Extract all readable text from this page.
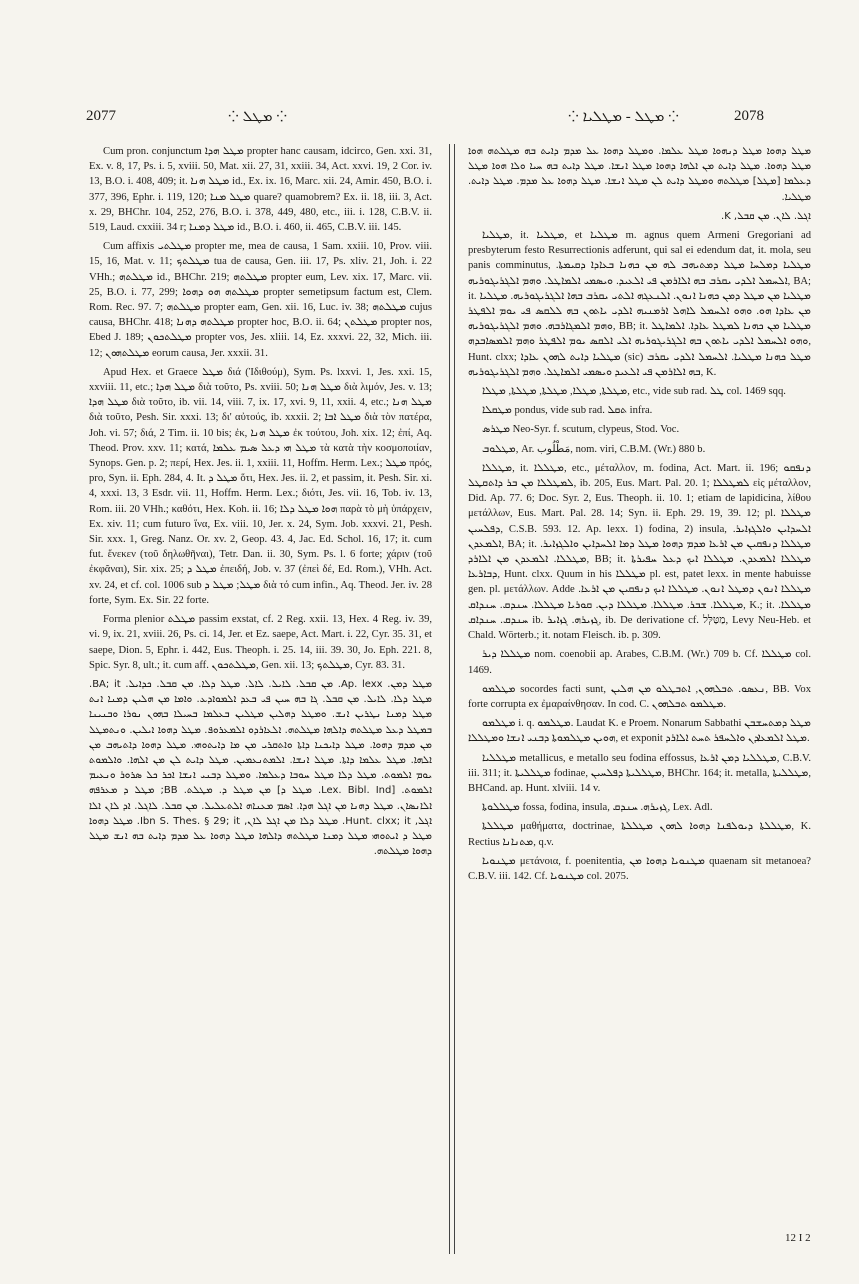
2077	⁘ ܡܛܠ ⁘	⁘ ܡܛܠ - ܡܛܠܝܐ ⁘	2078

Cum pron. conjunctum ܡܛܠ ܗܕܐ propter hanc causam, idcirco, Gen. xxi. 31, Ex. v. 8, 17, Ps. i. 5, xviii. 50, Mat. xii. 27, 31, xxiii. 34, Act. xxvi. 19, 2 Cor. iv. 13, B.O. i. 408, 409; it. ܡܛܠ ܗܢܐ id., Ex. ix. 16, Marc. xii. 24, Amir. 450, B.O. i. 377, 396, Ephr. i. 119, 120; ܡܛܠ ܡܢܐ quare? quamobrem? Ex. ii. 18, iii. 3, Act. x. 29, BHChr. 104, 252, 276, B.O. i. 378, 449, 480, etc., iii. i. 128, C.B.V. ii. 519, Laud. cxxiii. 34 r; ܡܛܠ ܕܡܢܐ id., B.O. i. 460, ii. 465, C.B.V. iii. 145.

Cum affixis ܡܛܠܬܝ propter me, mea de causa, 1 Sam. xxiii. 10, Prov. viii. 15, 16, Mat. v. 11; ܡܛܠܬܟ tua de causa, Gen. iii. 17, Ps. xliv. 21, Joh. i. 22 VHh.; ܡܛܠܬܗ id., BHChr. 219; ܡܛܠܬܗ propter eum, Lev. xix. 17, Marc. vii. 25, B.O. i. 77, 299; ܡܛܠܬܗ ܗܘ ܕܗܘܐ propter semetipsum factum est, Clem. Rom. Rec. 97. 7; ܡܛܠܬܗ propter eam, Gen. xii. 16, Luc. iv. 38; ܡܛܠܬܗ cujus causa, BHChr. 418; ܡܛܠܬܗ ܕܗܢܐ propter hoc, B.O. ii. 64; ܡܛܠܬܢ propter nos, Ebed J. 189; ܡܛܠܬܟܘܢ propter vos, Jes. xliii. 14, Ez. xxxvi. 22, 32, Mich. iii. 12; ܡܛܠܬܗܘܢ eorum causa, Jer. xxxii. 31.

Apud Hex. et Graece ܡܛܠ διά (Ἰδιθούμ), Sym. Ps. lxxvi. 1, Jes. xxi. 15, xxviii. 11, etc.; ܡܛܠ ܗܕܐ διὰ τοῦτο, Ps. xviii. 50; ܡܛܠ ܗܢܐ διὰ λιμόν, Jes. v. 13; ܡܛܠ ܗܕܐ διὰ τοῦτο, ib. vii. 14, viii. 7, ix. 17, xvi. 9, 11, xxii. 4, etc.; ܡܛܠ ܗܢܐ διὰ τοῦτο, Pesh. Sir. xxxi. 13; δι' αὐτούς, ib. xxxii. 2; ܡܛܠ ܐܒܐ διὰ τὸν πατέρα, Joh. vi. 57; διά, 2 Tim. ii. 10 bis; ἐκ, ܡܛܠ ܗܢܐ ἐκ τούτου, Joh. xix. 12; ἐπί, Aq. Theod. Prov. xxv. 11; κατά, ܡܛܠ ܗܝ ܕܥܠ ܣܝܡ ܥܠܡܐ τὰ κατὰ τὴν κοσμοποιίαν, Synops. Gen. p. 2; περί, Hex. Jes. ii. 1, xxiii. 11, Hoffm. Herm. Lex.; ܡܛܠ πρός, pro, Syn. ii. Eph. 284, 4. It. ܡܛܠ ܕ ὅτι, Hex. Jes. ii. 2, et passim, it. Pesh. Sir. xi. 4, xxxi. 13, 3 Esdr. vii. 11, Hoffm. Herm. Lex.; διότι, Jes. vii. 16, Tob. iv. 13, Rom. iii. 20 VHh.; καθότι, Hex. Koh. ii. 16; ܗܘܐ ܡܛܠ ܕܠܐ παρὰ τὸ μὴ ὑπάρχειν, Ex. xiv. 11; cum futuro ἵνα, Ex. viii. 10, Jer. x. 24, Sym. Job. xxxvi. 21, Pesh. Sir. xxx. 1, Greg. Nanz. Or. xv. 2, Geop. 43. 4, Jac. Ed. Schol. 16, 17; it. cum fut. ἕνεκεν (τοῦ δηλωθῆναι), Tetr. Dan. ii. 30, Sym. Ps. l. 6 forte; χάριν (τοῦ ἐκφᾶναι), Sir. xix. 25; ܡܛܠ ܕ ἐπειδή, Job. v. 37 (ἐπεὶ δέ, Ed. Rom.), VHh. Act. xv. 24, et cf. col. 1006 sub ܡܛܠ; ܡܛܠ ܕ διὰ τό cum infin., Aq. Theod. Jer. iv. 28 forte, Sym. Ex. Sir. 22 forte.

Forma plenior ܡܛܠܬ passim exstat, cf. 2 Reg. xxii. 13, Hex. 4 Reg. iv. 39, vi. 9, ix. 21, xviii. 26, Ps. ci. 14, Jer. et Ez. saepe, Act. Mart. i. 22, Cyr. 35. 31, et saepe, Dion. 5, Ephr. i. 442, Eus. Theoph. i. 25. 14, iii. 39. 30, Jo. Eph. 221. 8, Spic. Syr. 8, ult.; it. cum aff. ܡܛܠܬܟܘܢ, Gen. xii. 13; ܡܛܠܬܟ, Cyr. 83. 31.

ܡܛܠ ܕܡܢ. Ap. lexx. ܡܢ ܩܒܠ. ܠܐܝܠ. ܠܐܠ. ܡܛܠ ܕܠܐ. ܡܢ ܩܒܠ. ܟܕܐܝܠ. BA; it. ܡܛܠ ܕܠܐ. ܠܐܝܠ. ܡܢ ܩܒܠ. ܓܐ ܒܗ ܚܝܢ ܦܝ ܒܥܕ ܐܠܡܘܐܕܥ. ܘܐܡܐ ܡܢ ܗܠܝܢ ܕܡܢܐ ܐܢܬ ܡܛܠ ܕܡܢܐ ܢܛܪܝܢ ܐܢܫ. ܘܡܛܠ ܕܗܠܝܢ ܡܛܠܝܢ ܒܥܠܡܐ ܒܚܝܠܐ ܒܗܘܢ ܢܘܪܐ ܘܒܢܝܢܐ ܒܡܛܠ ܕܥܠ ܡܛܠܬܗ ܕܐܠܗܐ ܡܛܠܬܗ. ܐܠܥܐܪܕܘ ܐܠܡܥܪܘܦ. ܡܛܠ ܕܗܘܐ ܐܝܠܝܢ. ܘܢܬܡܛܠ ܡܢ ܡܕܡ ܕܗܘܐ. ܡܛܠ ܕܐܝܟܢܐ ܕܐܬܐ ܘܐܬܩܪܝ ܡܢ ܡܐ ܕܐܝܬܘܗܝ. ܡܛܠ ܕܗܘܐ ܕܐܬܝܗܒ ܡܢ ܐܠܗܐ. ܡܛܠ ܥܠܡܐ ܕܐܬܐ. ܡܛܠ ܐܢܫܐ. ܐܠܡܬܢܥܡܝܢ. ܡܛܠ ܕܐܝܬ ܠܢ ܡܢ ܐܠܗܐ. ܘܐܠܡܘܬ ܝܘܡ ܐܠܡܘܬ. ܡܛܠ ܕܠܐ ܡܛܠ ܚܘܒܐ ܕܥܠܡܐ. ܘܡܛܠ ܕܒܢܝ ܐܢܫܐ ܐܟܪ ܟܠ ܣܪܘܪ ܘܢܥܝܡ ܐܠܡܘܬ. [Lex. Bibl. Ind. ܡܛܠ ܕ] ܡܢ ܡܛܠ ܕ. ܡܛܠܬ. BB; ܡܛܠ ܕ ܡܥܪܦܗ ܐܠܐܢܣܐܢ. ܡܛܠ ܕܗܢܐ ܡܢ ܐܓܠ ܗܕܐ. ܐܣܡ ܡܥܢܐܗ ܐܠܬܥܠܝܠ. ܡܢ ܩܒܠ. ܠܐܓܠ. ܐܕ ܠܐܢ ܐܠܐ ܐܓܠ, Hunt. clxx; it. ܡܛܠ ܕܠܐ ܡܢ ܐܓܠ ܠܐܢ, Ibn S. Thes. § 29; it. ܡܛܠ ܕܗܘܐ ܡܛܠ ܕ ܐܝܬܘܗܝ ܡܛܠ ܕܡܢܐ ܡܛܠܬܗ ܕܐܠܗܐ ܡܛܠ ܕܗܘܐ ܥܠ ܡܕܡ ܕܐܝܬ ܒܗ ܐܢܫ ܡܛܠ ܕܗܘܐ ܡܛܠܬܗ.

ܡܛܠ ܕܗܘܐ ܡܛܠ ܕܢܗܘܐ ܡܛܠ ܥܠܡܐ. ܘܡܛܠ ܕܗܘܐ ܥܠ ܡܕܡ ܕܐܝܬ ܒܗ ܡܛܠܬܗ ܗܘܐ ܡܛܠ ܕܗܘܐ. ܡܛܠ ܕܐܝܬ ܡܢ ܐܠܗܐ ܕܗܘܐ ܡܛܠ ܐܢܫܐ. ܡܛܠ ܕܐܝܬ ܒܗ ܚܝܐ ܘܠܐ ܗܘܐ ܡܛܠ ܕܥܠܡܐ [ܡܛܠ] ܡܛܠܬܗ ܘܡܛܠ ܕܐܝܬ ܠܢ ܡܛܠ ܐܢܫܐ. ܡܛܠ ܕܗܘܐ ܥܠ ܡܕܡ. ܡܛܠ ܕܐܝܬ. ܡܛܠܝܐ.

ܐܓܠ. ܠܐܢ. ܡܢ ܩܒܠ, K.

ܡܛܠܝܐ, it. ܡܛܠܝܐ, et ܡܛܠܝܐ m. agnus quem Armeni Gregoriani ad presbyterum festo Resurrectionis adferunt, qui sal ei edendum dat, it. mola, seu panis comminutus, ܡܛܠܝܐ ܕܡܠܚܐ ܡܛܠ ܕܡܬܝܗܒ ܠܗ ܡܢ ܟܗܢܐ ܒܥܐܕܐ ܕܩܝܡܬܐ. ܐܠܚܡܠ ܐܠܕܝ ܝܩܪܒ ܒܗ ܐܠܐܪܡܢ ܦܝ ܐܠܥܝܕ. ܘܝܣܡܝ ܐܠܡܐܛܠ. ܘܗܡ ܐܠܓܪܝܓܘܪܝܗ, BA; it. ܡܛܠܝܐ ܡܢ ܡܛܠ ܕܡܢ ܟܗܢܐ ܐܢܘܢ. ܐܠܢܥܓܗ ܐܠܬܝ ܝܩܪܒ ܒܗܐ ܐܠܓܪܝܓܘܪܝܗ. ܡܛܠܝܐ ܡܢ ܥܐܕܐ ܗܘ. ܘܗܘ ܐܠܚܡܠ ܠܐܗܠ ܐܪܡܢܝܗ ܐܠܕܝ ܝܐܬܘܢ ܒܗ ܠܠܩܣ ܦܝ ܝܘܡ ܐܠܦܛܪ ܘܗܡ ܐܠܡܓܐܪܒܗ. ܘܗܡ ܐܠܓܪܝܓܘܪܝܗ, BB; it. ܡܛܠܝܐ ܡܢ ܟܗܢܐ ܠܡܛܠ ܥܐܕܐ. ܐܠܡܐܛܠ ܘܗܘ ܐܠܚܡܠ ܐܠܕܝ ܝܐܬܘܢ ܒܗ ܐܠܓܪܝܓܘܪܝܗ ܐܠܝ ܐܠܩܣ ܝܘܡ ܐܠܦܛܪ ܘܗܡ ܐܠܡܣܐܒܕܗ, Hunt. clxx; ܡܛܠܝܐ ܕܐܝܬ ܠܗܘܢ ܥܐܕܐ (sic) ܡܛܠ ܟܗܢܐ ܡܛܠܝܐ. ܐܠܚܡܠ ܐܠܕܝ ܝܩܪܒ ܒܗ ܐܠܐܪܡܢ ܦܝ ܐܠܥܝܕ ܘܝܣܡܝ ܐܠܡܐܛܠ. ܘܗܡ ܐܠܓܪܝܓܘܪܝܗ, K.

ܡܛܠܬܐ, ܡܛܠܐ, ܡܛܠܬܐ, ܡܛܠܬܐ, ܡܛܠܐ, etc., vide sub rad. ܛܠ col. 1469 sqq.

ܡܛܩܠܐ pondus, vide sub rad. ܬܩܠ infra.

ܡܛܪܣ Neo-Syr. f. scutum, clypeus, Stod. Voc.

ܡܛܠܘܒ, Ar. مَطْلُوب, nom. viri, C.B.M. (Wr.) 880 b.

ܡܛܠܠܐ, it. ܡܛܠܠܐ, etc., μέταλλον, m. fodina, Act. Mart. ii. 196; ܕܢܦܩܘ ܠܡܛܠܠܐ ܡܢ ܒܪ ܕܐܬܩܛܠ, ib. 205, Eus. Mart. Pal. 20. 1; ܠܡܛܠܠܐ εἰς μέταλλον, Did. Ap. 77. 6; Doc. Syr. 2, Eus. Theoph. ii. 10. 1; etiam de lapidicina, λίθου μετάλλων, Eus. Mart. Pal. 28. 14; Syn. ii. Eph. 29. 19, 39. 12; pl. ܡܛܠܠܐ ܕܦܠܚܝܢ, C.S.B. 593. 12. Ap. lexx. 1) fodina, 2) insula, ܐܠܚܕܐܝܢ ܘܐܠܓܙܐܝܪ. ܐܠܡܥܕܢ, BA; it. ܡܛܠܠܐ ܕܢܦܩܝܢ ܡܢ ܐܪܥܐ ܡܕܡ ܕܗܘܐ ܡܛܠ ܕܡܐ ܐܠܚܕܐܝܢ ܘܐܠܓܙܐܝܪ. ܡܛܠܠܐ. ܐܠܡܥܕܢ ܡܢ ܐܠܐܪܕ, BB; it. ܡܛܠܠܐ ܐܠܡܥܕܢ. ܡܛܠܠܐ ܐܝܟ ܕܥܠ ܚܦܝܪܬܐ ܕܒܐܪܥܐ, Hunt. clxx. Quum in his ܡܛܠܠܐ pl. est, patet lexx. in mente habuisse gen. pl. μετάλλων. Adde ܡܛܠܠܐ ܐܢܘܢ ܕܡܛܠ ܐܢܘܢ. ܡܛܠܠܐ ܐܝܟ ܕܢܦܩܝܢ ܡܢ ܐܪܥܐ. ܡܛܠܠܐ. ܫܒܪ. ܡܛܠܠܐ. ܡܛܠܠܐ ܕܝܢ. ܩܘܪܝܐ ܡܛܠܠܐ. ܚܢܕܩ. ܚܢܕܐܩ, K.; it. ܡܛܠܠܐ. ܚܢܕܩ. ܚܢܕܐܩ ib. ܓܙܝܪܗ. ܓܙܐܝܪ, ib. De derivatione cf. מַטַּלְּל, Levy Neu-Heb. et Chald. Wörterb.; it. notam Fleisch. ib. p. 309.

ܡܛܠܠܐ ܕܝܪ nom. coenobii ap. Arabes, C.B.M. (Wr.) 709 b. Cf. ܡܛܠܠܐ col. 1469.

ܡܛܠܡܘ socordes facti sunt, ܢܥܣܘ. ܬܒܠܗܘܢ, ܐܬܒܛܠܘ ܡܢ ܗܠܝܢ, BB. Vox forte corrupta ex ἐμαραίνθησαν. In cod. C. ܡܛܠܡܘ ܬܒܠܗܘܢ.

ܡܛܠܡܘ i. q. ܡܛܠܡܘ. Laudat K. e Proem. Nonarum Sabbathi ܡܛܠ ܕܡܬܚܫܒܢ ܗܘܝܢ ܡܛܠܡܘܬܐ ܕܒܢܝ ܐܢܫܐ ܘܡܛܠܠܐ, et exponit ܡܛܠ ܐܠܡܥܐܕܢ ܘܐܠܚܦܪ ܬܚܬ ܐܠܐܪܕ.

ܡܛܠܠܝܐ metallicus, e metallo seu fodina effossus, ܡܛܠܠܝܐ ܕܡܢ ܐܪܥܐ, C.B.V. iii. 311; it. ܡܛܠܠܝܬܐ fodinae, ܡܛܠܠܝܬܐ ܕܦܠܚܝܢ, BHChr. 164; it. metalla, ܡܛܠܠܝܬܐ, BHCand. ap. Hunt. xlviii. 14 v.

ܡܛܠܠܘܬܐ fossa, fodina, insula, ܓܙܝܪܗ. ܚܢܕܩ, Lex. Adl.

ܡܛܠܠܬܐ μαθήματα, doctrinae, ܡܛܠܠܬܐ ܕܝܘܠܦܢܐ ܕܗܘܐ ܠܗܘܢ ܡܛܠܠܬܐ, K. Rectius ܡܬܢܐܢܐ, q.v.

ܡܛܢܘܝܐ μετάνοια, f. poenitentia, ܡܛܢܘܝܐ ܕܗܘܐ ܡܢ quaenam sit metanoea? C.B.V. iii. 142. Cf. ܡܛܢܘܝܐ col. 2075.

12 I 2
